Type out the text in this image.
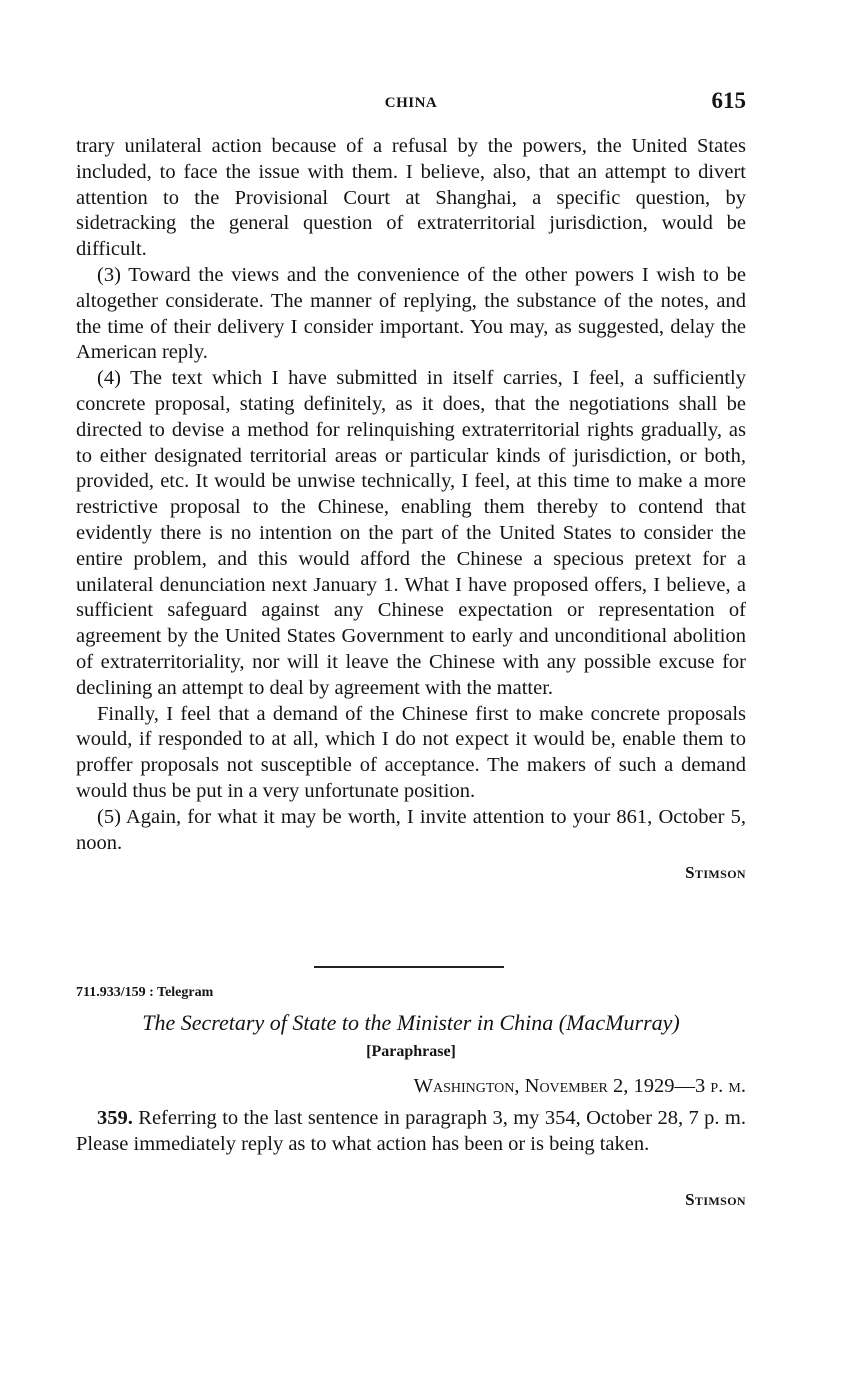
CHINA	615

trary unilateral action because of a refusal by the powers, the United States included, to face the issue with them. I believe, also, that an attempt to divert attention to the Provisional Court at Shanghai, a specific question, by sidetracking the general question of extraterritorial jurisdiction, would be difficult.

(3) Toward the views and the convenience of the other powers I wish to be altogether considerate. The manner of replying, the substance of the notes, and the time of their delivery I consider important. You may, as suggested, delay the American reply.

(4) The text which I have submitted in itself carries, I feel, a sufficiently concrete proposal, stating definitely, as it does, that the negotiations shall be directed to devise a method for relinquishing extraterritorial rights gradually, as to either designated territorial areas or particular kinds of jurisdiction, or both, provided, etc. It would be unwise technically, I feel, at this time to make a more restrictive proposal to the Chinese, enabling them thereby to contend that evidently there is no intention on the part of the United States to consider the entire problem, and this would afford the Chinese a specious pretext for a unilateral denunciation next January 1. What I have proposed offers, I believe, a sufficient safeguard against any Chinese expectation or representation of agreement by the United States Government to early and unconditional abolition of extraterritoriality, nor will it leave the Chinese with any possible excuse for declining an attempt to deal by agreement with the matter.

Finally, I feel that a demand of the Chinese first to make concrete proposals would, if responded to at all, which I do not expect it would be, enable them to proffer proposals not susceptible of acceptance. The makers of such a demand would thus be put in a very unfortunate position.

(5) Again, for what it may be worth, I invite attention to your 861, October 5, noon.

Stimson
711.933/159 : Telegram
The Secretary of State to the Minister in China (MacMurray)
[Paraphrase]
Washington, November 2, 1929—3 p. m.

359. Referring to the last sentence in paragraph 3, my 354, October 28, 7 p. m. Please immediately reply as to what action has been or is being taken.

Stimson
